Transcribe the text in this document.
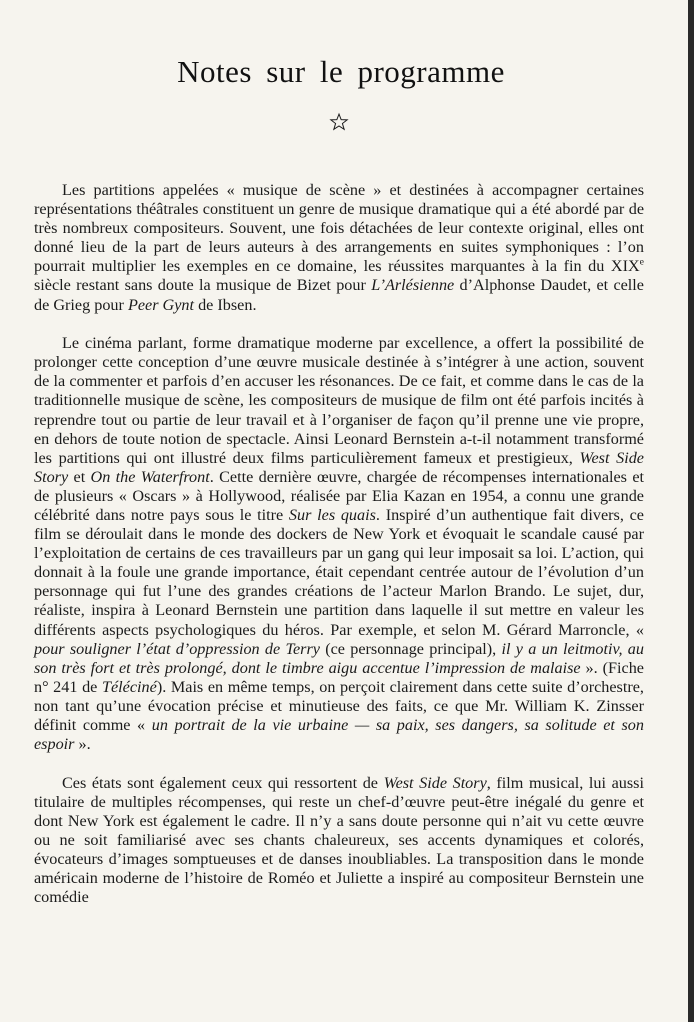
Notes sur le programme

Les partitions appelées « musique de scène » et destinées à accompagner certaines représentations théâtrales constituent un genre de musique dramatique qui a été abordé par de très nombreux compositeurs. Souvent, une fois détachées de leur contexte original, elles ont donné lieu de la part de leurs auteurs à des arrangements en suites symphoniques : l’on pourrait multiplier les exemples en ce domaine, les réussites marquantes à la fin du XIXe siècle restant sans doute la musique de Bizet pour L’Arlésienne d’Alphonse Daudet, et celle de Grieg pour Peer Gynt de Ibsen.

Le cinéma parlant, forme dramatique moderne par excellence, a offert la possibilité de prolonger cette conception d’une œuvre musicale destinée à s’intégrer à une action, souvent de la commenter et parfois d’en accuser les résonances. De ce fait, et comme dans le cas de la traditionnelle musique de scène, les compositeurs de musique de film ont été parfois incités à reprendre tout ou partie de leur travail et à l’organiser de façon qu’il prenne une vie propre, en dehors de toute notion de spectacle. Ainsi Leonard Bernstein a-t-il notamment transformé les partitions qui ont illustré deux films particulièrement fameux et prestigieux, West Side Story et On the Waterfront. Cette dernière œuvre, chargée de récompenses internationales et de plusieurs « Oscars » à Hollywood, réalisée par Elia Kazan en 1954, a connu une grande célébrité dans notre pays sous le titre Sur les quais. Inspiré d’un authentique fait divers, ce film se déroulait dans le monde des dockers de New York et évoquait le scandale causé par l’exploitation de certains de ces travailleurs par un gang qui leur imposait sa loi. L’action, qui donnait à la foule une grande importance, était cependant centrée autour de l’évolution d’un personnage qui fut l’une des grandes créations de l’acteur Marlon Brando. Le sujet, dur, réaliste, inspira à Leonard Bernstein une partition dans laquelle il sut mettre en valeur les différents aspects psychologiques du héros. Par exemple, et selon M. Gérard Marroncle, « pour souligner l’état d’oppression de Terry (ce personnage principal), il y a un leitmotiv, au son très fort et très prolongé, dont le timbre aigu accentue l’impression de malaise ». (Fiche n° 241 de Téléciné). Mais en même temps, on perçoit clairement dans cette suite d’orchestre, non tant qu’une évocation précise et minutieuse des faits, ce que Mr. William K. Zinsser définit comme « un portrait de la vie urbaine — sa paix, ses dangers, sa solitude et son espoir ».

Ces états sont également ceux qui ressortent de West Side Story, film musical, lui aussi titulaire de multiples récompenses, qui reste un chef-d’œuvre peut-être inégalé du genre et dont New York est également le cadre. Il n’y a sans doute personne qui n’ait vu cette œuvre ou ne soit familiarisé avec ses chants chaleureux, ses accents dynamiques et colorés, évocateurs d’images somptueuses et de danses inoubliables. La transposition dans le monde américain moderne de l’histoire de Roméo et Juliette a inspiré au compositeur Bernstein une comédie
